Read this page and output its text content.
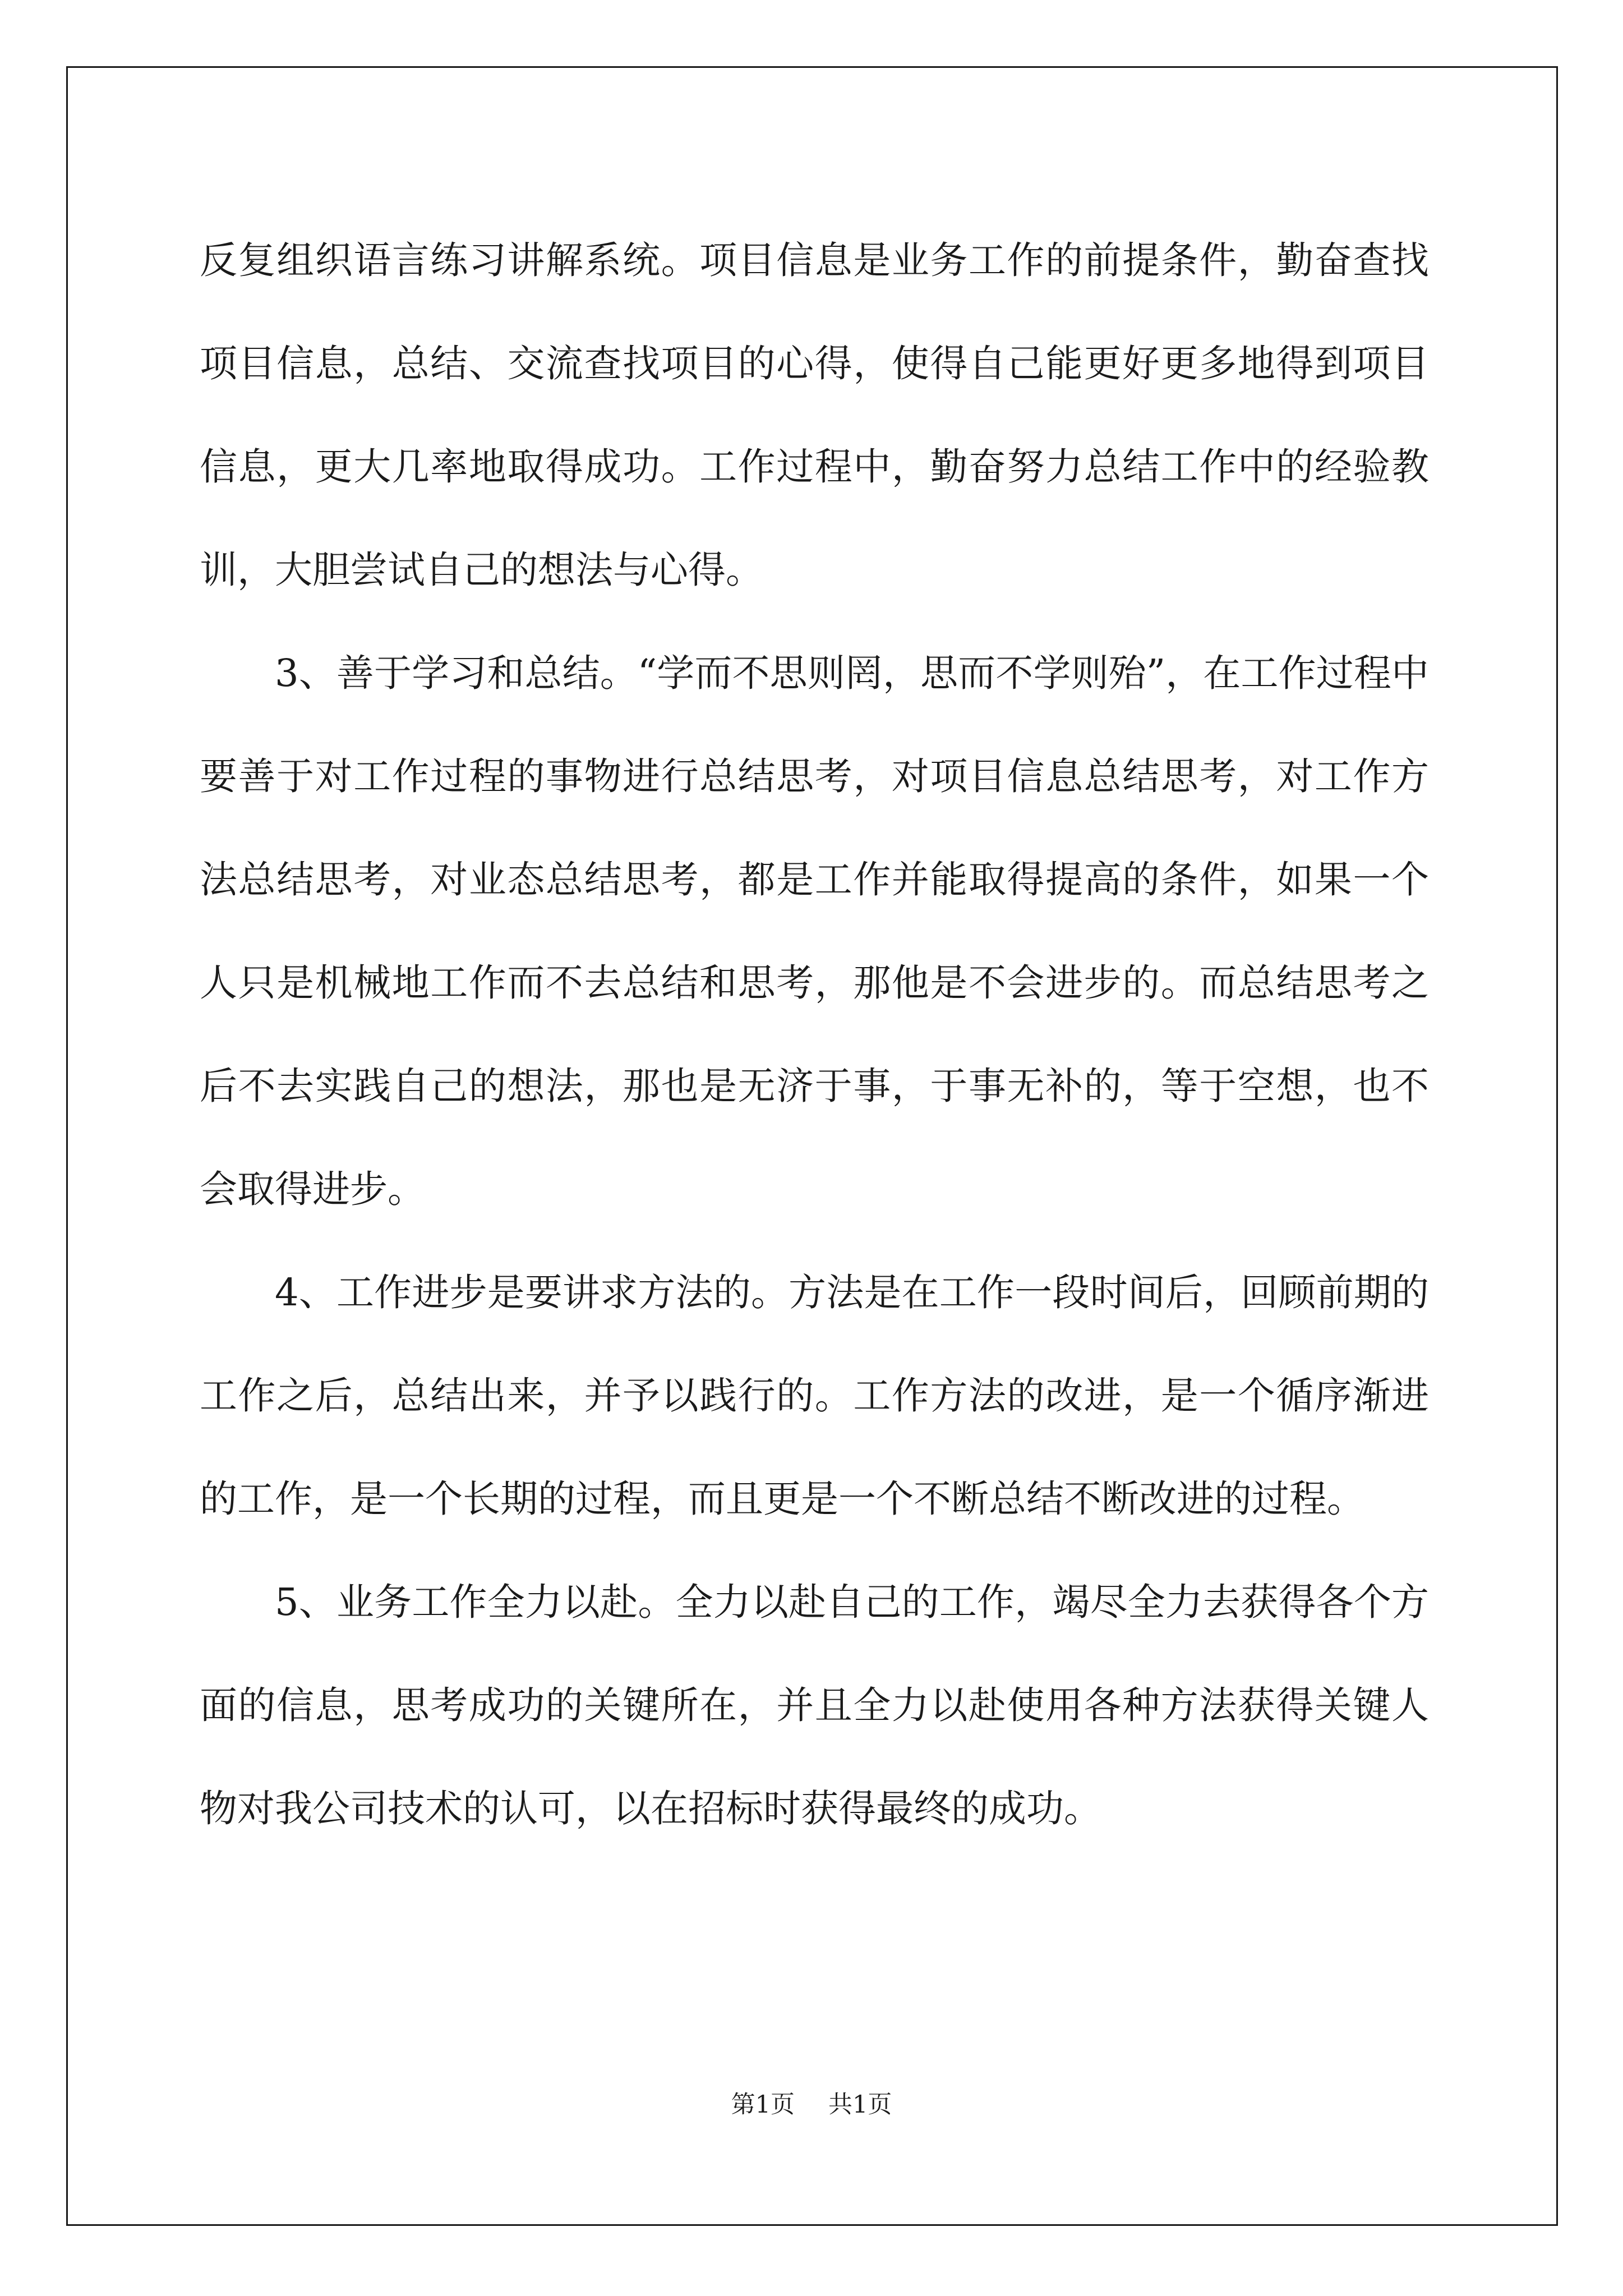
反复组织语言练习讲解系统。项目信息是业务工作的前提条件，勤奋查找项目信息，总结、交流查找项目的心得，使得自己能更好更多地得到项目信息，更大几率地取得成功。工作过程中，勤奋努力总结工作中的经验教训，大胆尝试自己的想法与心得。

3、善于学习和总结。“学而不思则罔，思而不学则殆”，在工作过程中要善于对工作过程的事物进行总结思考，对项目信息总结思考，对工作方法总结思考，对业态总结思考，都是工作并能取得提高的条件，如果一个人只是机械地工作而不去总结和思考，那他是不会进步的。而总结思考之后不去实践自己的想法，那也是无济于事，于事无补的，等于空想，也不会取得进步。

4、工作进步是要讲求方法的。方法是在工作一段时间后，回顾前期的工作之后，总结出来，并予以践行的。工作方法的改进，是一个循序渐进的工作，是一个长期的过程，而且更是一个不断总结不断改进的过程。

5、业务工作全力以赴。全力以赴自己的工作，竭尽全力去获得各个方面的信息，思考成功的关键所在，并且全力以赴使用各种方法获得关键人物对我公司技术的认可，以在招标时获得最终的成功。

第1页 共1页
